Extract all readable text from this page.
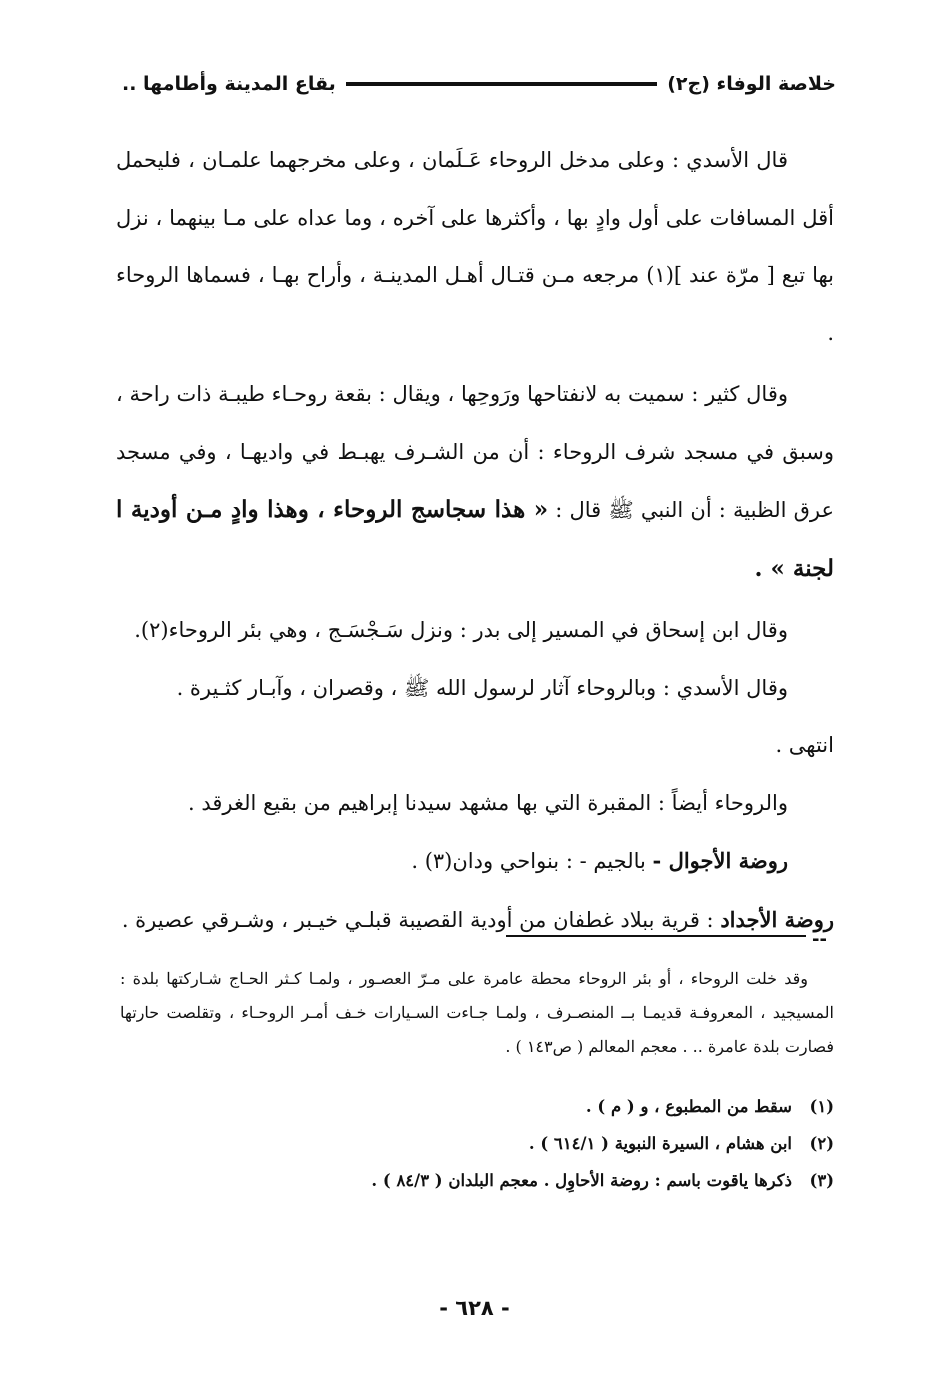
خلاصة الوفاء (ج٢)
بقاع المدينة وأطامها ..

قال الأسدي : وعلى مدخل الروحاء عَـلَمان ، وعلى مخرجهما علمـان ، فليحمل أقل المسافات على أول وادٍ بها ، وأكثرها على آخره ، وما عداه على مـا بينهما ، نزل بها تبع [ مرّة عند ](١) مرجعه مـن قتـال أهـل المدينـة ، وأراح بهـا ، فسماها الروحاء .

وقال كثير : سميت به لانفتاحها ورَوحِها ، ويقال : بقعة روحـاء طيبـة ذات راحة ، وسبق في مسجد شرف الروحاء : أن من الشـرف يهبـط في واديهـا ، وفي مسجد عرق الظبية : أن النبي ﷺ قال : « هذا سجاسج الروحاء ، وهذا وادٍ مـن أودية ا لجنة » .

وقال ابن إسحاق في المسير إلى بدر : ونزل سَـجْسَـج ، وهي بئر الروحاء(٢).

وقال الأسدي : وبالروحاء آثار لرسول الله ﷺ ، وقصران ، وآبـار كثـيرة .

انتهى .

والروحاء أيضاً : المقبرة التي بها مشهد سيدنا إبراهيم من بقيع الغرقد .

روضة الأجوال - بالجيم - : بنواحي ودان(٣) .

روضة الأجداد : قرية ببلاد غطفان من أودية القصيبة قبلـي خيـبر ، وشـرقي عصيرة .

--

وقد خلت الروحاء ، أو بئر الروحاء محطة عامرة على مـرّ العصـور ، ولمـا كـثر الحـاج شـاركتها بلدة : المسيجيد ، المعروفـة قديمـا بــ المنصـرف ، ولمـا جـاءت السـيارات خـف أمـر الروحـاء ، وتقلصت حارتها فصارت بلدة عامرة .. . معجم المعالم ( ص١٤٣ ) .

(١)
سقط من المطبوع ، و ( م ) .
(٢)
ابن هشام ، السيرة النبوية ( ٦١٤/١ ) .
(٣)
ذكرها ياقوت باسم : روضة الأحاوِل . معجم البلدان ( ٨٤/٣ ) .
- ٦٢٨ -
